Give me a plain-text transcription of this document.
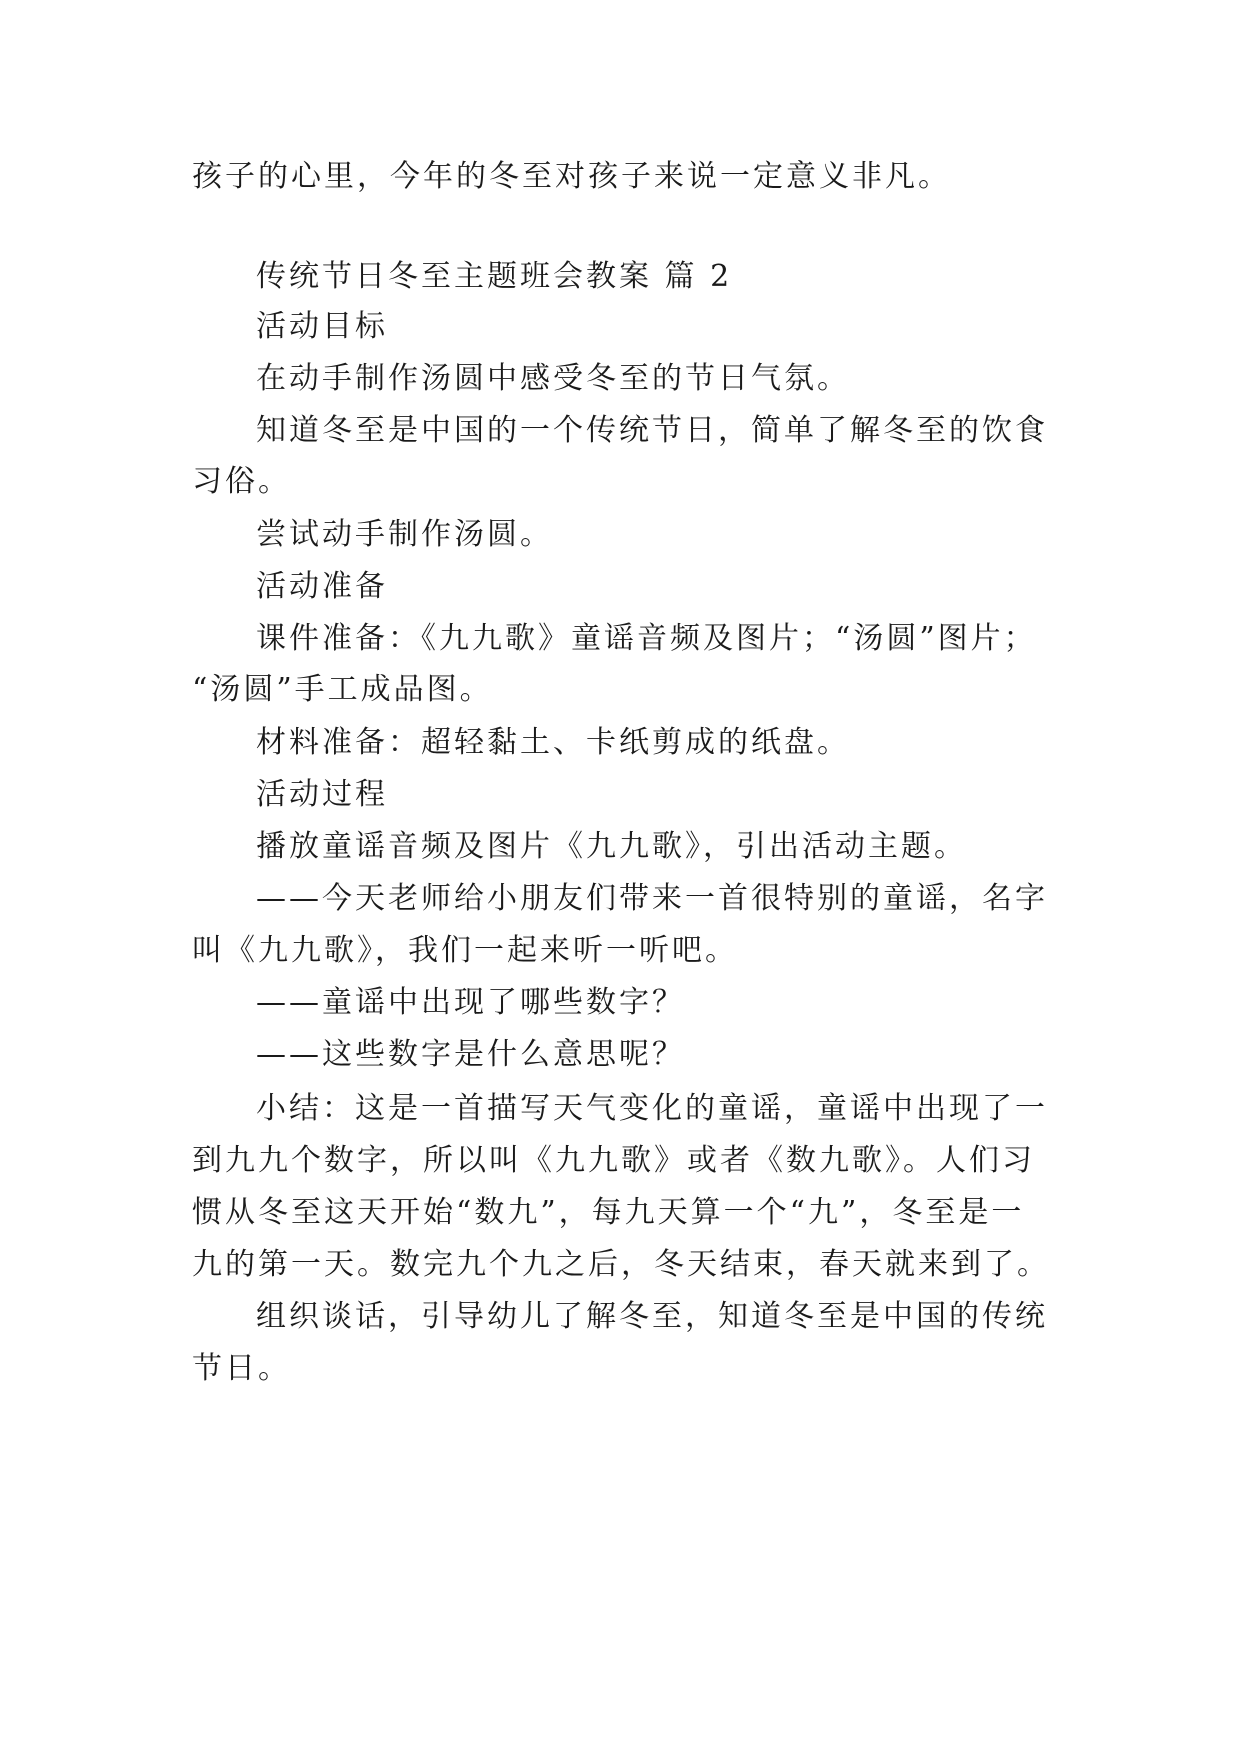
孩子的心里，今年的冬至对孩子来说一定意义非凡。
传统节日冬至主题班会教案 篇 2
活动目标
在动手制作汤圆中感受冬至的节日气氛。
知道冬至是中国的一个传统节日，简单了解冬至的饮食
习俗。
尝试动手制作汤圆。
活动准备
课件准备：《九九歌》童谣音频及图片；“汤圆”图片；
“汤圆”手工成品图。
材料准备：超轻黏土、卡纸剪成的纸盘。
活动过程
播放童谣音频及图片《九九歌》，引出活动主题。
——今天老师给小朋友们带来一首很特别的童谣，名字
叫《九九歌》，我们一起来听一听吧。
——童谣中出现了哪些数字？
——这些数字是什么意思呢？
小结：这是一首描写天气变化的童谣，童谣中出现了一
到九九个数字，所以叫《九九歌》或者《数九歌》。人们习
惯从冬至这天开始“数九”，每九天算一个“九”，冬至是一
九的第一天。数完九个九之后，冬天结束，春天就来到了。
组织谈话，引导幼儿了解冬至，知道冬至是中国的传统
节日。
